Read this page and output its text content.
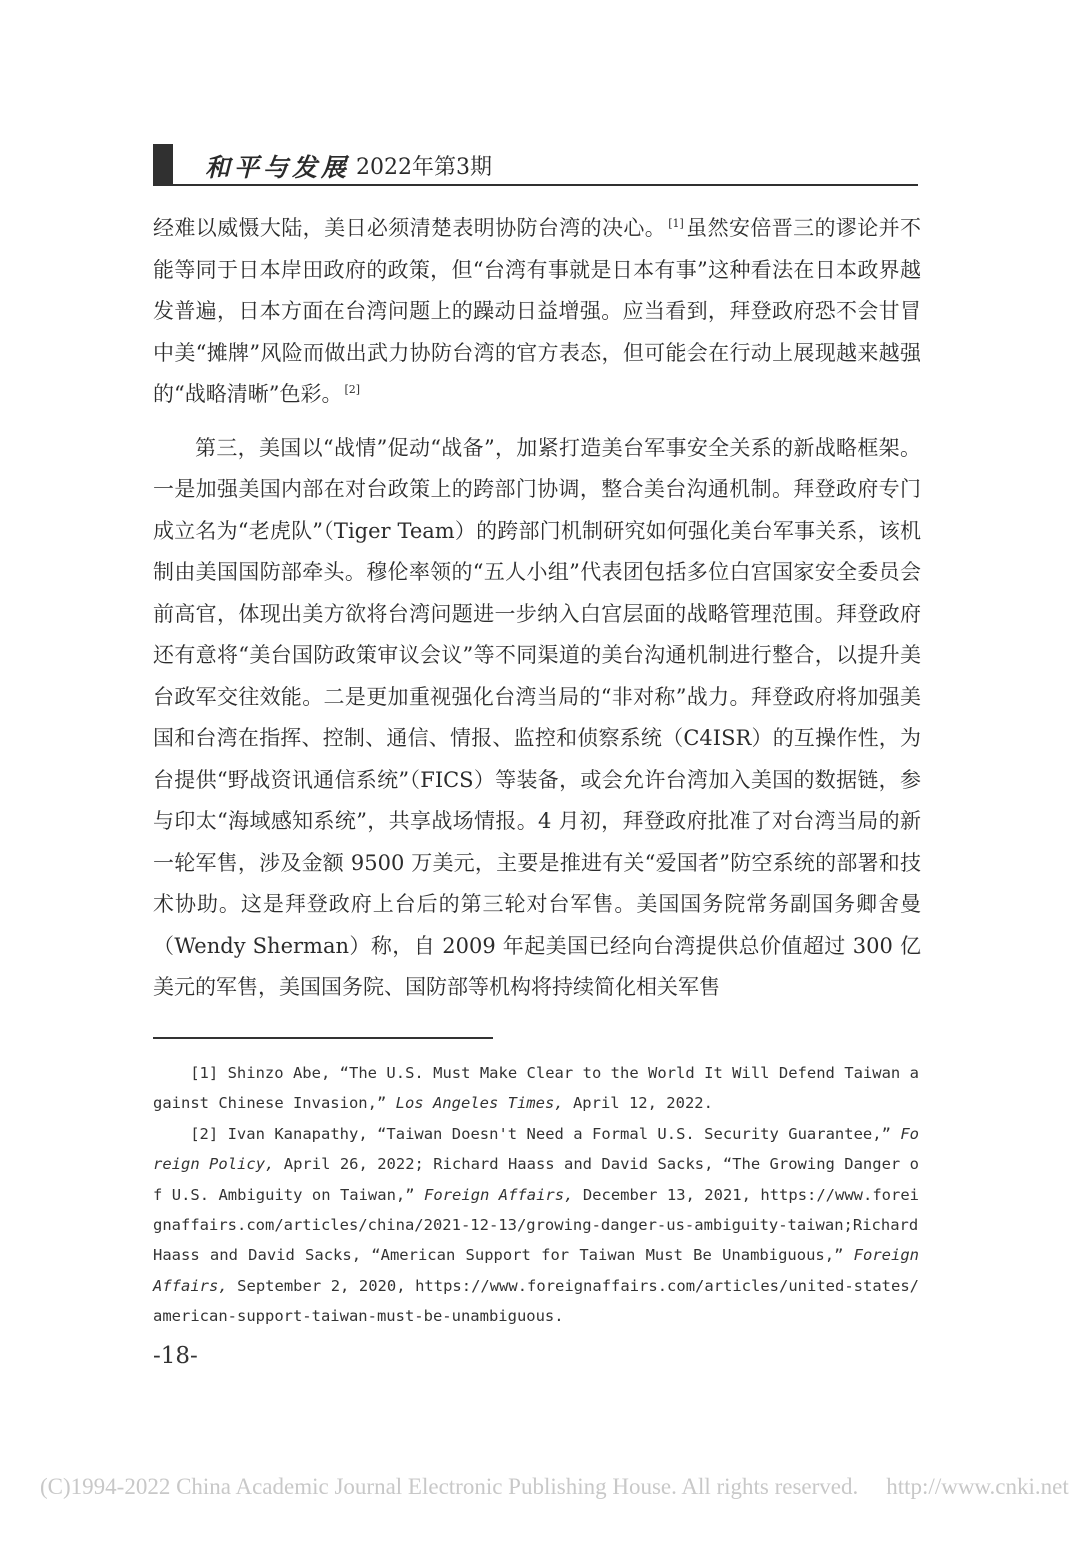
和平与发展 2022年第3期

经难以威慑大陆，美日必须清楚表明协防台湾的决心。 [1]虽然安倍晋三的谬论并不能等同于日本岸田政府的政策，但“台湾有事就是日本有事”这种看法在日本政界越发普遍，日本方面在台湾问题上的躁动日益增强。应当看到，拜登政府恐不会甘冒中美“摊牌”风险而做出武力协防台湾的官方表态，但可能会在行动上展现越来越强的“战略清晰”色彩。 [2]

第三，美国以“战情”促动“战备”，加紧打造美台军事安全关系的新战略框架。一是加强美国内部在对台政策上的跨部门协调，整合美台沟通机制。拜登政府专门成立名为“老虎队”（Tiger Team）的跨部门机制研究如何强化美台军事关系，该机制由美国国防部牵头。穆伦率领的“五人小组”代表团包括多位白宫国家安全委员会前高官，体现出美方欲将台湾问题进一步纳入白宫层面的战略管理范围。拜登政府还有意将“美台国防政策审议会议”等不同渠道的美台沟通机制进行整合，以提升美台政军交往效能。二是更加重视强化台湾当局的“非对称”战力。拜登政府将加强美国和台湾在指挥、控制、通信、情报、监控和侦察系统（C4ISR）的互操作性，为台提供“野战资讯通信系统”（FICS）等装备，或会允许台湾加入美国的数据链，参与印太“海域感知系统”，共享战场情报。4 月初，拜登政府批准了对台湾当局的新一轮军售，涉及金额 9500 万美元，主要是推进有关“爱国者”防空系统的部署和技术协助。这是拜登政府上台后的第三轮对台军售。美国国务院常务副国务卿舍曼（Wendy Sherman）称，自 2009 年起美国已经向台湾提供总价值超过 300 亿美元的军售，美国国务院、国防部等机构将持续简化相关军售

[1] Shinzo Abe, “The U.S. Must Make Clear to the World It Will Defend Taiwan against Chinese Invasion,” Los Angeles Times, April 12, 2022.

[2] Ivan Kanapathy, “Taiwan Doesn't Need a Formal U.S. Security Guarantee,” Foreign Policy, April 26, 2022; Richard Haass and David Sacks, “The Growing Danger of U.S. Ambiguity on Taiwan,” Foreign Affairs, December 13, 2021, https://www.foreignaffairs.com/articles/china/2021-12-13/growing-danger-us-ambiguity-taiwan;Richard Haass and David Sacks, “American Support for Taiwan Must Be Unambiguous,” Foreign Affairs, September 2, 2020, https://www.foreignaffairs.com/articles/united-states/american-support-taiwan-must-be-unambiguous.

-18-
(C)1994-2022 China Academic Journal Electronic Publishing House. All rights reserved. http://www.cnki.net
